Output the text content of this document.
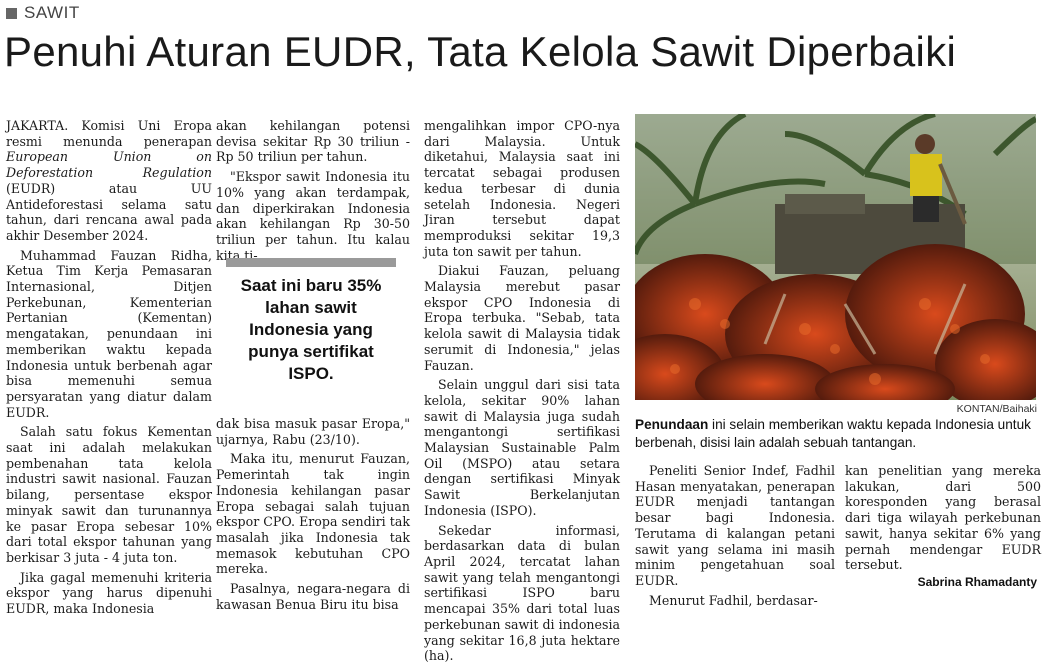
SAWIT
Penuhi Aturan EUDR, Tata Kelola Sawit Diperbaiki

JAKARTA. Komisi Uni Eropa resmi menunda penerapan European Union on Deforestation Regulation (EUDR) atau UU Antideforestasi selama satu tahun, dari rencana awal pada akhir Desember 2024.

Muhammad Fauzan Ridha, Ketua Tim Kerja Pemasaran Internasional, Ditjen Perkebunan, Kementerian Pertanian (Kementan) mengatakan, penundaan ini memberikan waktu kepada Indonesia untuk berbenah agar bisa memenuhi semua persyaratan yang diatur dalam EUDR.

Salah satu fokus Kementan saat ini adalah melakukan pembenahan tata kelola industri sawit nasional. Fauzan bilang, persentase ekspor minyak sawit dan turunannya ke pasar Eropa sebesar 10% dari total ekspor tahunan yang berkisar 3 juta - 4 juta ton.

Jika gagal memenuhi kriteria ekspor yang harus dipenuhi EUDR, maka Indonesia

akan kehilangan potensi devisa sekitar Rp 30 triliun - Rp 50 triliun per tahun.

"Ekspor sawit Indonesia itu 10% yang akan terdampak, dan diperkirakan Indonesia akan kehilangan Rp 30-50 triliun per tahun. Itu kalau kita ti-

Saat ini baru 35% lahan sawit Indonesia yang punya sertifikat ISPO.

dak bisa masuk pasar Eropa," ujarnya, Rabu (23/10).

Maka itu, menurut Fauzan, Pemerintah tak ingin Indonesia kehilangan pasar Eropa sebagai salah tujuan ekspor CPO. Eropa sendiri tak masalah jika Indonesia tak memasok kebutuhan CPO mereka.

Pasalnya, negara-negara di kawasan Benua Biru itu bisa

mengalihkan impor CPO-nya dari Malaysia. Untuk diketahui, Malaysia saat ini tercatat sebagai produsen kedua terbesar di dunia setelah Indonesia. Negeri Jiran tersebut dapat memproduksi sekitar 19,3 juta ton sawit per tahun.

Diakui Fauzan, peluang Malaysia merebut pasar ekspor CPO Indonesia di Eropa terbuka. "Sebab, tata kelola sawit di Malaysia tidak serumit di Indonesia," jelas Fauzan.

Selain unggul dari sisi tata kelola, sekitar 90% lahan sawit di Malaysia juga sudah mengantongi sertifikasi Malaysian Sustainable Palm Oil (MSPO) atau setara dengan sertifikasi Minyak Sawit Berkelanjutan Indonesia (ISPO).

Sekedar informasi, berdasarkan data di bulan April 2024, tercatat lahan sawit yang telah mengantongi sertifikasi ISPO baru mencapai 35% dari total luas perkebunan sawit di indonesia yang sekitar 16,8 juta hektare (ha).

KONTAN/Baihaki
Penundaan ini selain memberikan waktu kepada Indonesia untuk berbenah, disisi lain adalah sebuah tantangan.

Peneliti Senior Indef, Fadhil Hasan menyatakan, penerapan EUDR menjadi tantangan besar bagi Indonesia. Terutama di kalangan petani sawit yang selama ini masih minim pengetahuan soal EUDR.

Menurut Fadhil, berdasar-

kan penelitian yang mereka lakukan, dari 500 koresponden yang berasal dari tiga wilayah perkebunan sawit, hanya sekitar 6% yang pernah mendengar EUDR tersebut.

Sabrina Rhamadanty
